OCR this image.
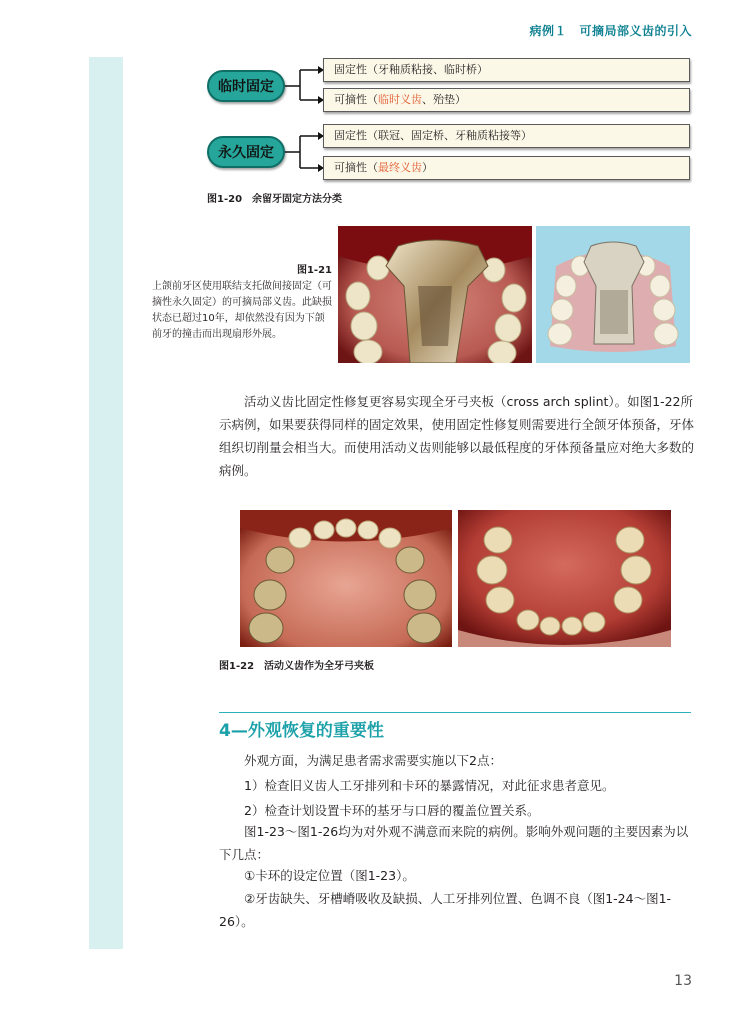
病例１　可摘局部义齿的引入
临时固定
永久固定
固定性（牙釉质粘接、临时桥）
可摘性（临时义齿、殆垫）
固定性（联冠、固定桥、牙釉质粘接等）
可摘性（最终义齿）
图1-20　余留牙固定方法分类
图1-21
上颌前牙区使用联结支托做间接固定（可摘性永久固定）的可摘局部义齿。此缺损状态已超过10年，却依然没有因为下颌前牙的撞击而出现扇形外展。
活动义齿比固定性修复更容易实现全牙弓夹板（cross arch splint）。如图1-22所示病例，如果要获得同样的固定效果，使用固定性修复则需要进行全颌牙体预备，牙体组织切削量会相当大。而使用活动义齿则能够以最低程度的牙体预备量应对绝大多数的病例。
图1-22　活动义齿作为全牙弓夹板
4—外观恢复的重要性
外观方面，为满足患者需求需要实施以下2点：
1）检查旧义齿人工牙排列和卡环的暴露情况，对此征求患者意见。
2）检查计划设置卡环的基牙与口唇的覆盖位置关系。
图1-23～图1-26均为对外观不满意而来院的病例。影响外观问题的主要因素为以下几点：
①卡环的设定位置（图1-23）。
②牙齿缺失、牙槽嵴吸收及缺损、人工牙排列位置、色调不良（图1-24～图1-26）。
13
